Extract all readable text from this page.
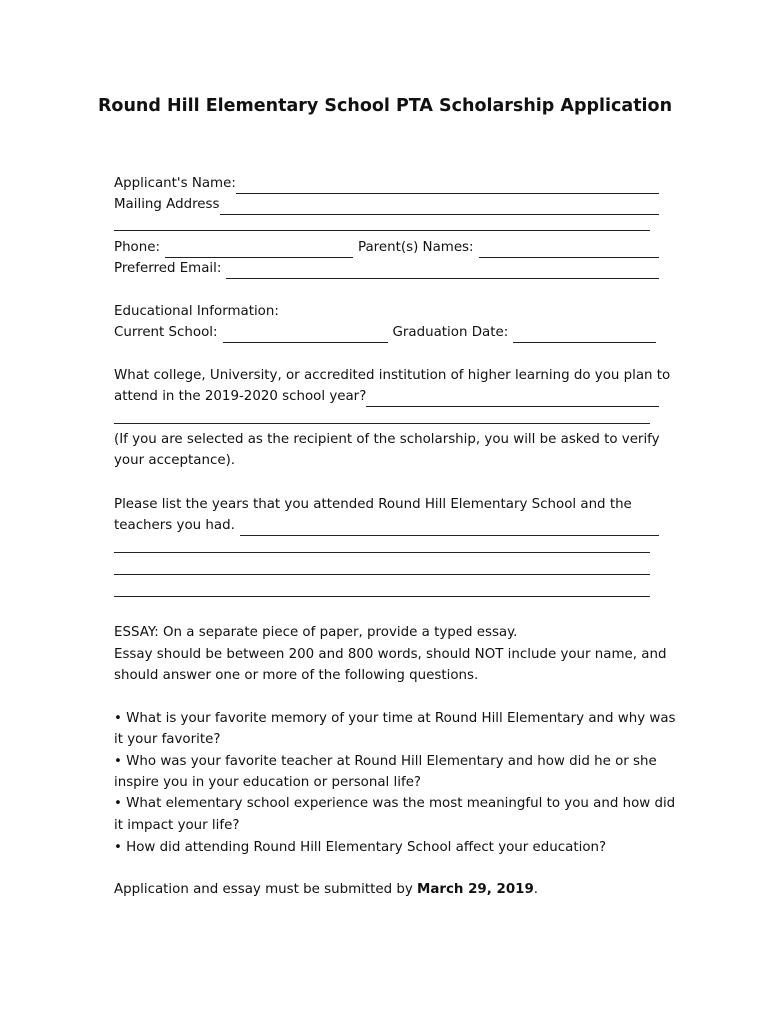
Round Hill Elementary School PTA Scholarship Application
Applicant's Name:
Mailing Address
Phone:	Parent(s) Names:
Preferred Email:
Educational Information:
Current School:	Graduation Date:
What college, University, or accredited institution of higher learning do you plan to
attend in the 2019-2020 school year?
(If you are selected as the recipient of the scholarship, you will be asked to verify
your acceptance).
Please list the years that you attended Round Hill Elementary School and the
teachers you had.
ESSAY: On a separate piece of paper, provide a typed essay.
Essay should be between 200 and 800 words, should NOT include your name, and
should answer one or more of the following questions.
• What is your favorite memory of your time at Round Hill Elementary and why was
it your favorite?
• Who was your favorite teacher at Round Hill Elementary and how did he or she
inspire you in your education or personal life?
• What elementary school experience was the most meaningful to you and how did
it impact your life?
• How did attending Round Hill Elementary School affect your education?
Application and essay must be submitted by March 29, 2019.
